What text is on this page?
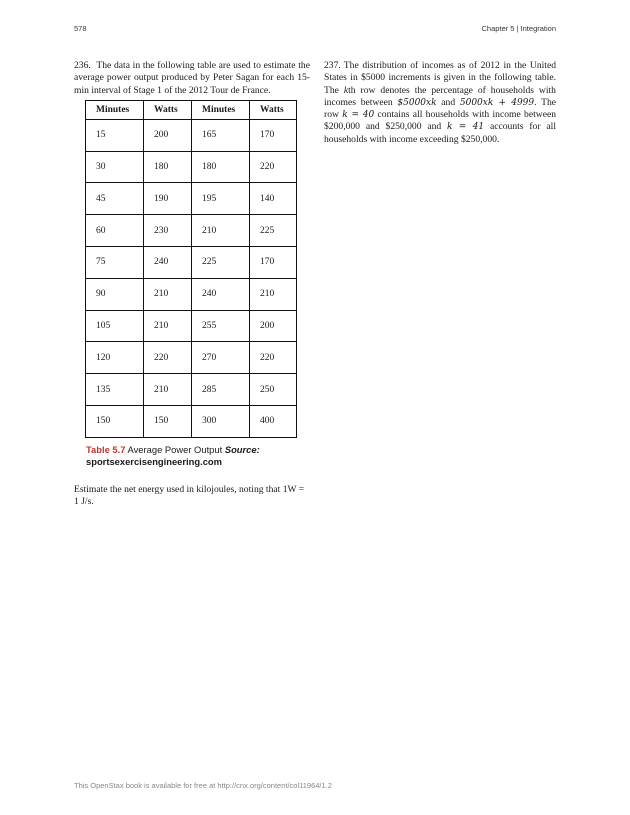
578	Chapter 5 | Integration

236. The data in the following table are used to estimate the average power output produced by Peter Sagan for each 15-min interval of Stage 1 of the 2012 Tour de France.

Minutes	Watts	Minutes	Watts
15	200	165	170
30	180	180	220
45	190	195	140
60	230	210	225
75	240	225	170
90	210	240	210
105	210	255	200
120	220	270	220
135	210	285	250
150	150	300	400
Table 5.7 Average Power Output Source:
sportsexercisengineering.com

Estimate the net energy used in kilojoules, noting that 1W = 1 J/s.

237. The distribution of incomes as of 2012 in the United States in $5000 increments is given in the following table. The kth row denotes the percentage of households with incomes between $5000xk and 5000xk + 4999. The row k = 40 contains all households with income between $200,000 and $250,000 and k = 41 accounts for all households with income exceeding $250,000.

This OpenStax book is available for free at http://cnx.org/content/col11964/1.2
